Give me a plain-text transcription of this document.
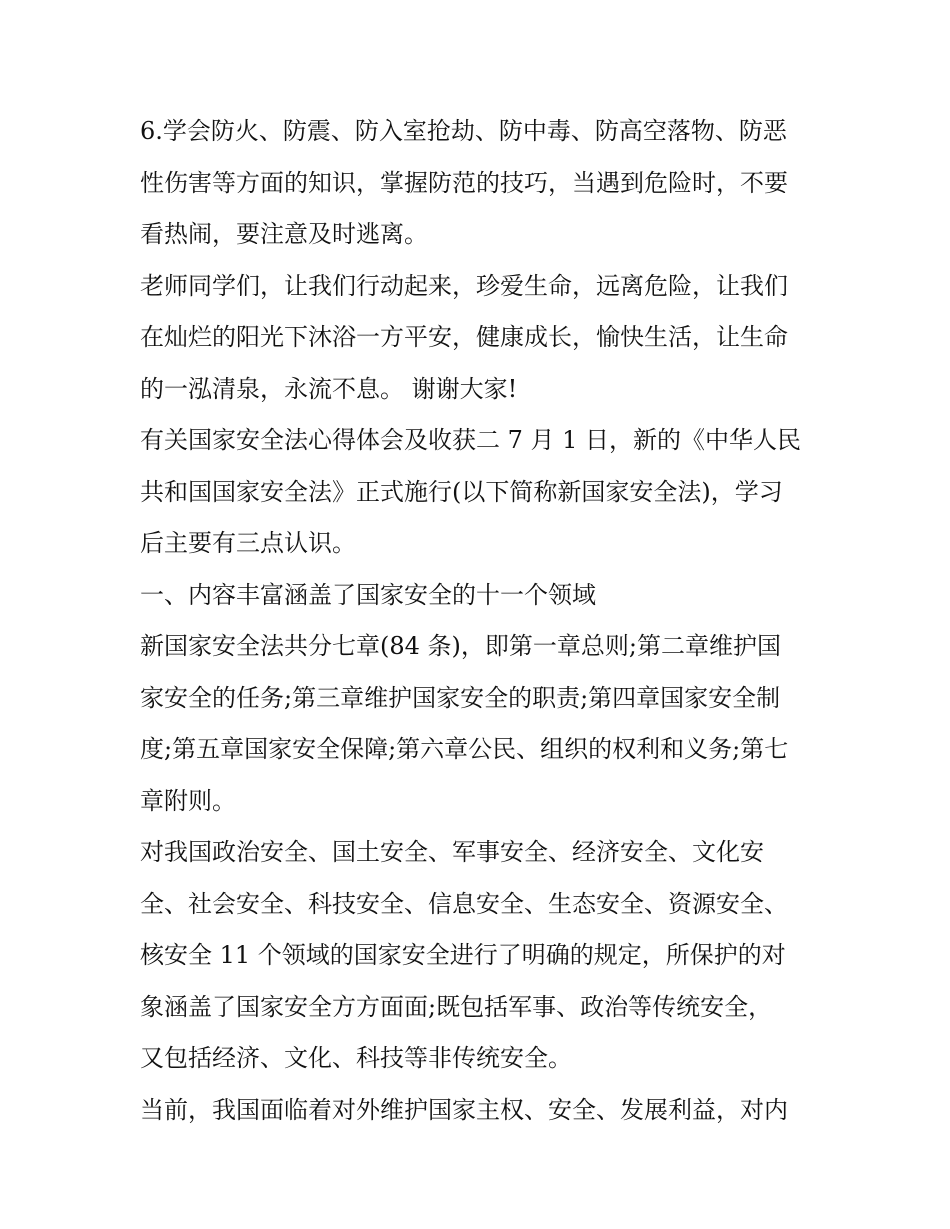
6.学会防火、防震、防入室抢劫、防中毒、防高空落物、防恶
性伤害等方面的知识，掌握防范的技巧，当遇到危险时，不要
看热闹，要注意及时逃离。
老师同学们，让我们行动起来，珍爱生命，远离危险，让我们
在灿烂的阳光下沐浴一方平安，健康成长，愉快生活，让生命
的一泓清泉，永流不息。 谢谢大家!
有关国家安全法心得体会及收获二 7 月 1 日，新的《中华人民
共和国国家安全法》正式施行(以下简称新国家安全法)，学习
后主要有三点认识。
一、内容丰富涵盖了国家安全的十一个领域
新国家安全法共分七章(84 条)，即第一章总则;第二章维护国
家安全的任务;第三章维护国家安全的职责;第四章国家安全制
度;第五章国家安全保障;第六章公民、组织的权利和义务;第七
章附则。
对我国政治安全、国土安全、军事安全、经济安全、文化安
全、社会安全、科技安全、信息安全、生态安全、资源安全、
核安全 11 个领域的国家安全进行了明确的规定，所保护的对
象涵盖了国家安全方方面面;既包括军事、政治等传统安全，
又包括经济、文化、科技等非传统安全。
当前，我国面临着对外维护国家主权、安全、发展利益，对内
